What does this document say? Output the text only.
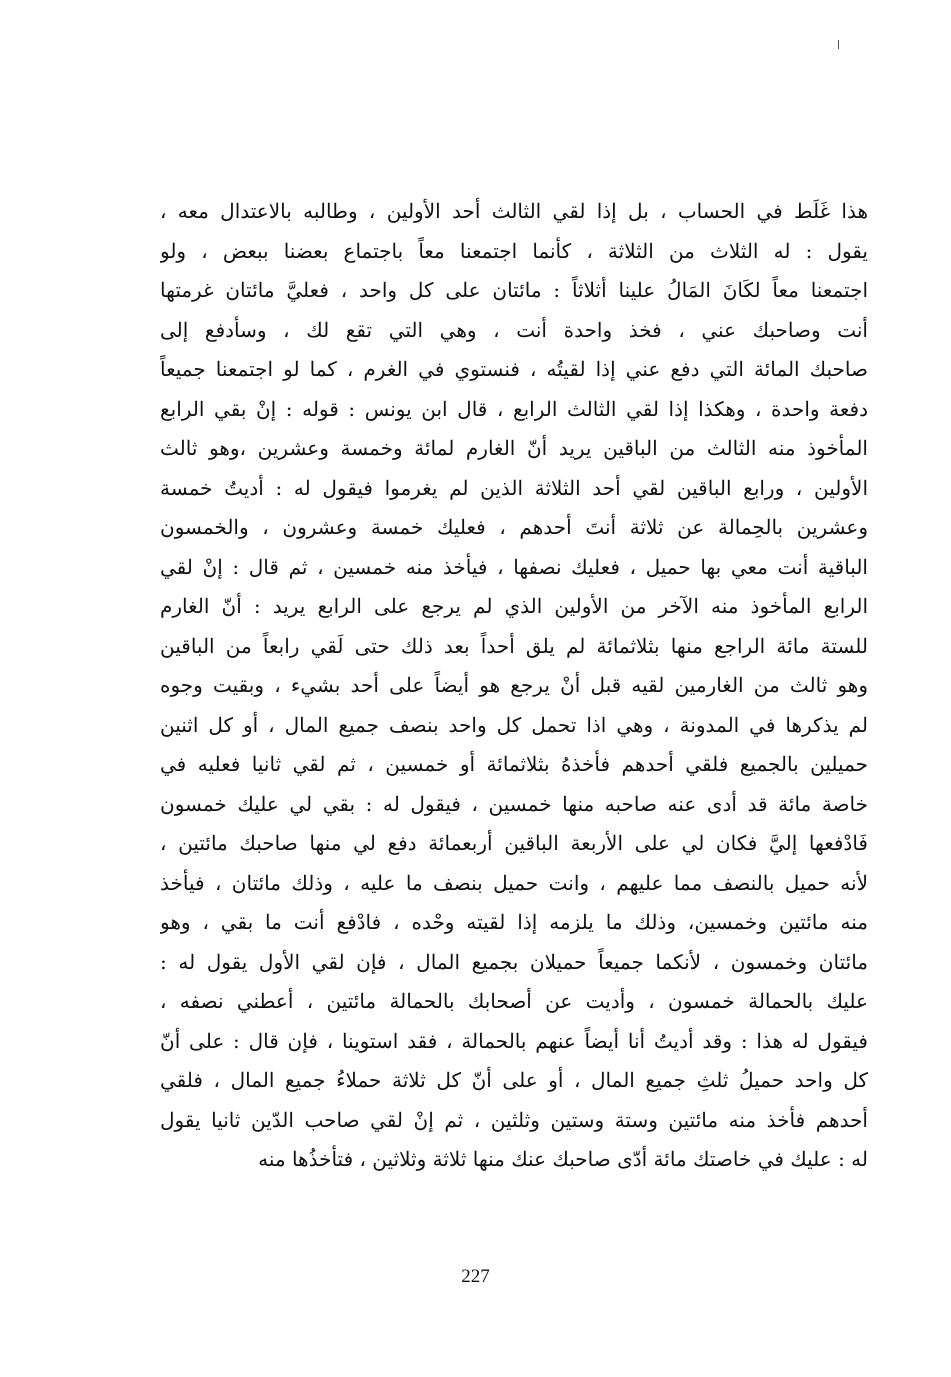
هذا غَلَط في الحساب ، بل إذا لقي الثالث أحد الأولين ، وطالبه بالاعتدال معه ،
يقول : له الثلاث من الثلاثة ، كأنما اجتمعنا معاً باجتماع بعضنا ببعض ، ولو
اجتمعنا معاً لكَانَ المَالُ علينا أثلاثاً : مائتان على كل واحد ، فعليَّ مائتان غرمتها
أنت وصاحبك عني ، فخذ واحدة أنت ، وهي التي تقع لك ، وسأدفع إلى
صاحبك المائة التي دفع عني إذا لقيتُه ، فنستوي في الغرم ، كما لو اجتمعنا جميعاً
دفعة واحدة ، وهكذا إذا لقي الثالث الرابع ، قال ابن يونس : قوله : إنْ بقي الرابع
المأخوذ منه الثالث من الباقين يريد أنّ الغارم لمائة وخمسة وعشرين ،وهو ثالث
الأولين ، ورابع الباقين لقي أحد الثلاثة الذين لم يغرموا فيقول له : أديتُ خمسة
وعشرين بالحِمالة عن ثلاثة أنتَ أحدهم ، فعليك خمسة وعشرون ، والخمسون
الباقية أنت معي بها حميل ، فعليك نصفها ، فيأخذ منه خمسين ، ثم قال : إنْ لقي
الرابع المأخوذ منه الآخر من الأولين الذي لم يرجع على الرابع يريد : أنّ الغارم
للستة مائة الراجع منها بثلاثمائة لم يلق أحداً بعد ذلك حتى لَقي رابعاً من الباقين
وهو ثالث من الغارمين لقيه قبل أنْ يرجع هو أيضاً على أحد بشيء ، وبقيت وجوه
لم يذكرها في المدونة ، وهي اذا تحمل كل واحد بنصف جميع المال ، أو كل اثنين
حميلين بالجميع فلقي أحدهم فأخذهُ بثلاثمائة أو خمسين ، ثم لقي ثانيا فعليه في
خاصة مائة قد أدى عنه صاحبه منها خمسين ، فيقول له : بقي لي عليك خمسون
فَادْفعها إليَّ فكان لي على الأربعة الباقين أربعمائة دفع لي منها صاحبك مائتين ،
لأنه حميل بالنصف مما عليهم ، وانت حميل بنصف ما عليه ، وذلك مائتان ، فيأخذ
منه مائتين وخمسين، وذلك ما يلزمه إذا لقيته وحْده ، فادْفع أنت ما بقي ، وهو
مائتان وخمسون ، لأنكما جميعاً حميلان بجميع المال ، فإن لقي الأول يقول له :
عليك بالحمالة خمسون ، وأديت عن أصحابك بالحمالة مائتين ، أعطني نصفه ،
فيقول له هذا : وقد أديتُ أنا أيضاً عنهم بالحمالة ، فقد استوينا ، فإن قال : على أنّ
كل واحد حميلُ ثلثِ جميع المال ، أو على أنّ كل ثلاثة حملاءُ جميع المال ، فلقي
أحدهم فأخذ منه مائتين وستة وستين وثلثين ، ثم إنْ لقي صاحب الدّين ثانيا يقول
له : عليك في خاصتك مائة أدّى صاحبك عنك منها ثلاثة وثلاثين ، فتأخذُها منه
227
